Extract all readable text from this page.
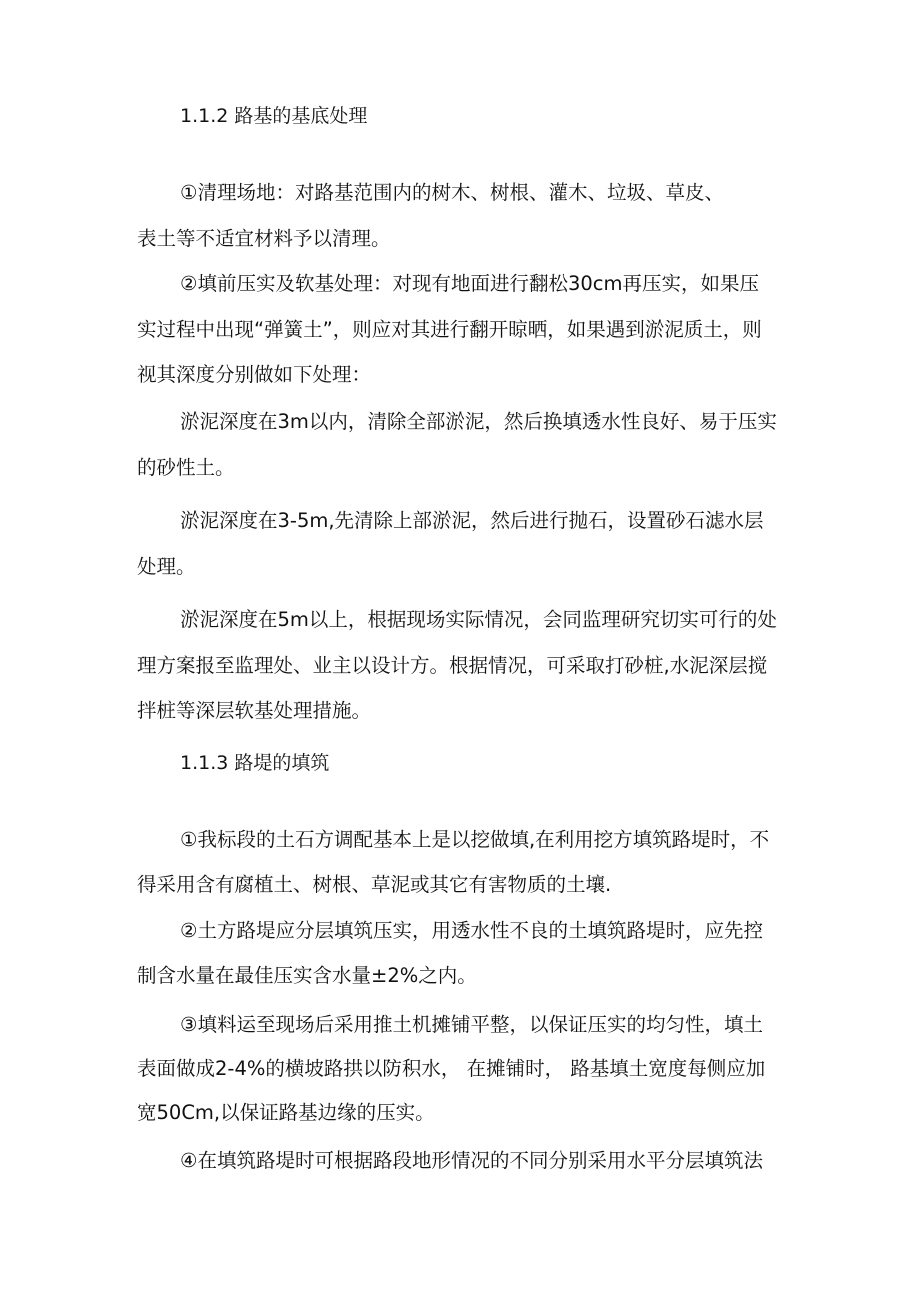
1.1.2 路基的基底处理
①清理场地：对路基范围内的树木、树根、灌木、垃圾、草皮、
表土等不适宜材料予以清理。
②填前压实及软基处理：对现有地面进行翻松30cm再压实，如果压
实过程中出现“弹簧土”，则应对其进行翻开晾晒，如果遇到淤泥质土，则
视其深度分别做如下处理：
淤泥深度在3m以内，清除全部淤泥，然后换填透水性良好、易于压实
的砂性土。
淤泥深度在3-5m,先清除上部淤泥，然后进行抛石，设置砂石滤水层
处理。
淤泥深度在5m以上，根据现场实际情况，会同监理研究切实可行的处
理方案报至监理处、业主以设计方。根据情况，可采取打砂桩,水泥深层搅
拌桩等深层软基处理措施。
1.1.3 路堤的填筑
①我标段的土石方调配基本上是以挖做填,在利用挖方填筑路堤时，不
得采用含有腐植土、树根、草泥或其它有害物质的土壤.
②土方路堤应分层填筑压实，用透水性不良的土填筑路堤时，应先控
制含水量在最佳压实含水量±2%之内。
③填料运至现场后采用推土机摊铺平整，以保证压实的均匀性，填土
表面做成2-4%的横坡路拱以防积水， 在摊铺时， 路基填土宽度每侧应加
宽50Cm,以保证路基边缘的压实。
④在填筑路堤时可根据路段地形情况的不同分别采用水平分层填筑法
